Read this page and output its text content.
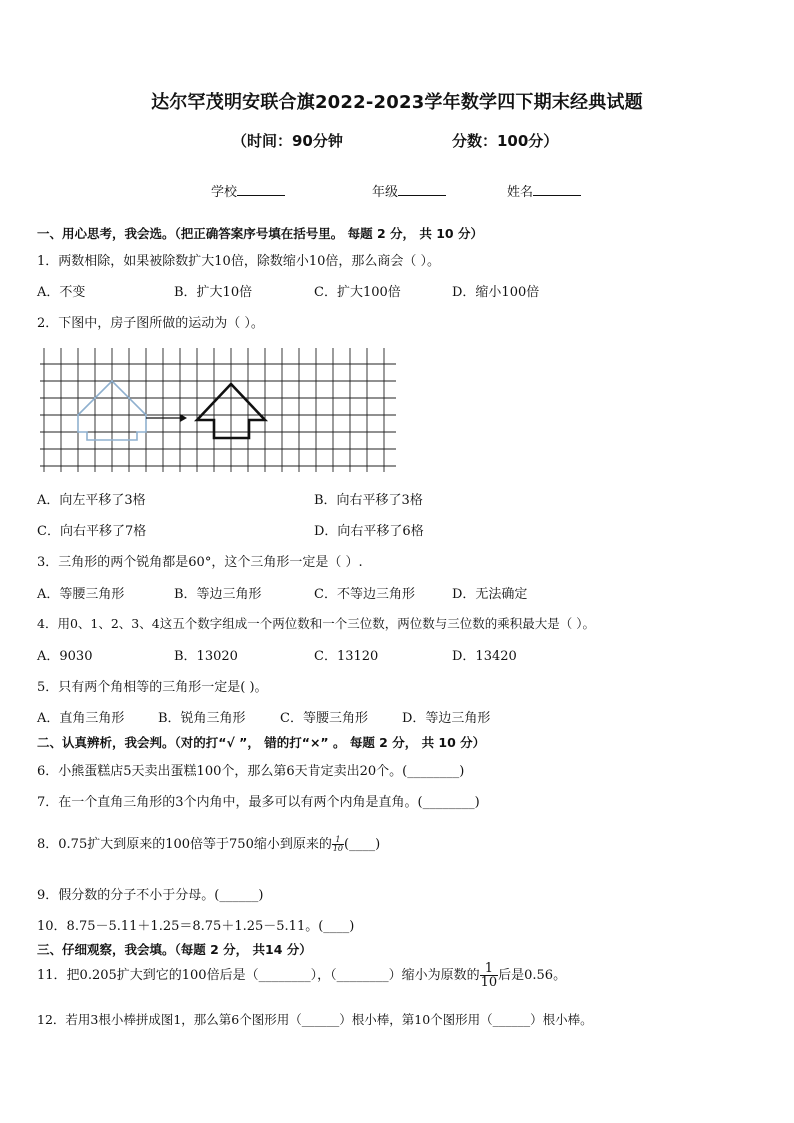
达尔罕茂明安联合旗2022-2023学年数学四下期末经典试题
（时间：90分钟	分数：100分）
学校	年级	姓名
一、用心思考，我会选。（把正确答案序号填在括号里。 每题 2 分， 共 10 分）
1．两数相除，如果被除数扩大10倍，除数缩小10倍，那么商会（ ）。
A．不变	B．扩大10倍	C．扩大100倍	D．缩小100倍
2．下图中，房子图所做的运动为（ ）。
A．向左平移了3格	B．向右平移了3格
C．向右平移了7格	D．向右平移了6格
3．三角形的两个锐角都是60°，这个三角形一定是（ ）.
A．等腰三角形	B．等边三角形	C．不等边三角形	D．无法确定
4．用0、1、2、3、4这五个数字组成一个两位数和一个三位数，两位数与三位数的乘积最大是（ ）。
A．9030	B．13020	C．13120	D．13420
5．只有两个角相等的三角形一定是( )。
A．直角三角形	B．锐角三角形	C．等腰三角形	D．等边三角形
二、认真辨析，我会判。（对的打“√ ”， 错的打“×” 。 每题 2 分， 共 10 分）
6．小熊蛋糕店5天卖出蛋糕100个，那么第6天肯定卖出20个。(________)
7．在一个直角三角形的3个内角中，最多可以有两个内角是直角。(________)
8．0.75扩大到原来的100倍等于750缩小到原来的 $\frac{1}{10}$ (____)
9．假分数的分子不小于分母。(______)
10．8.75－5.11＋1.25＝8.75＋1.25－5.11。(____)
三、仔细观察，我会填。（每题 2 分， 共14 分）
11．把0.205扩大到它的100倍后是（________），（________）缩小为原数的 $\frac{1}{10}$ 后是0.56。
12．若用3根小棒拼成图1，那么第6个图形用（______）根小棒，第10个图形用（______）根小棒。
